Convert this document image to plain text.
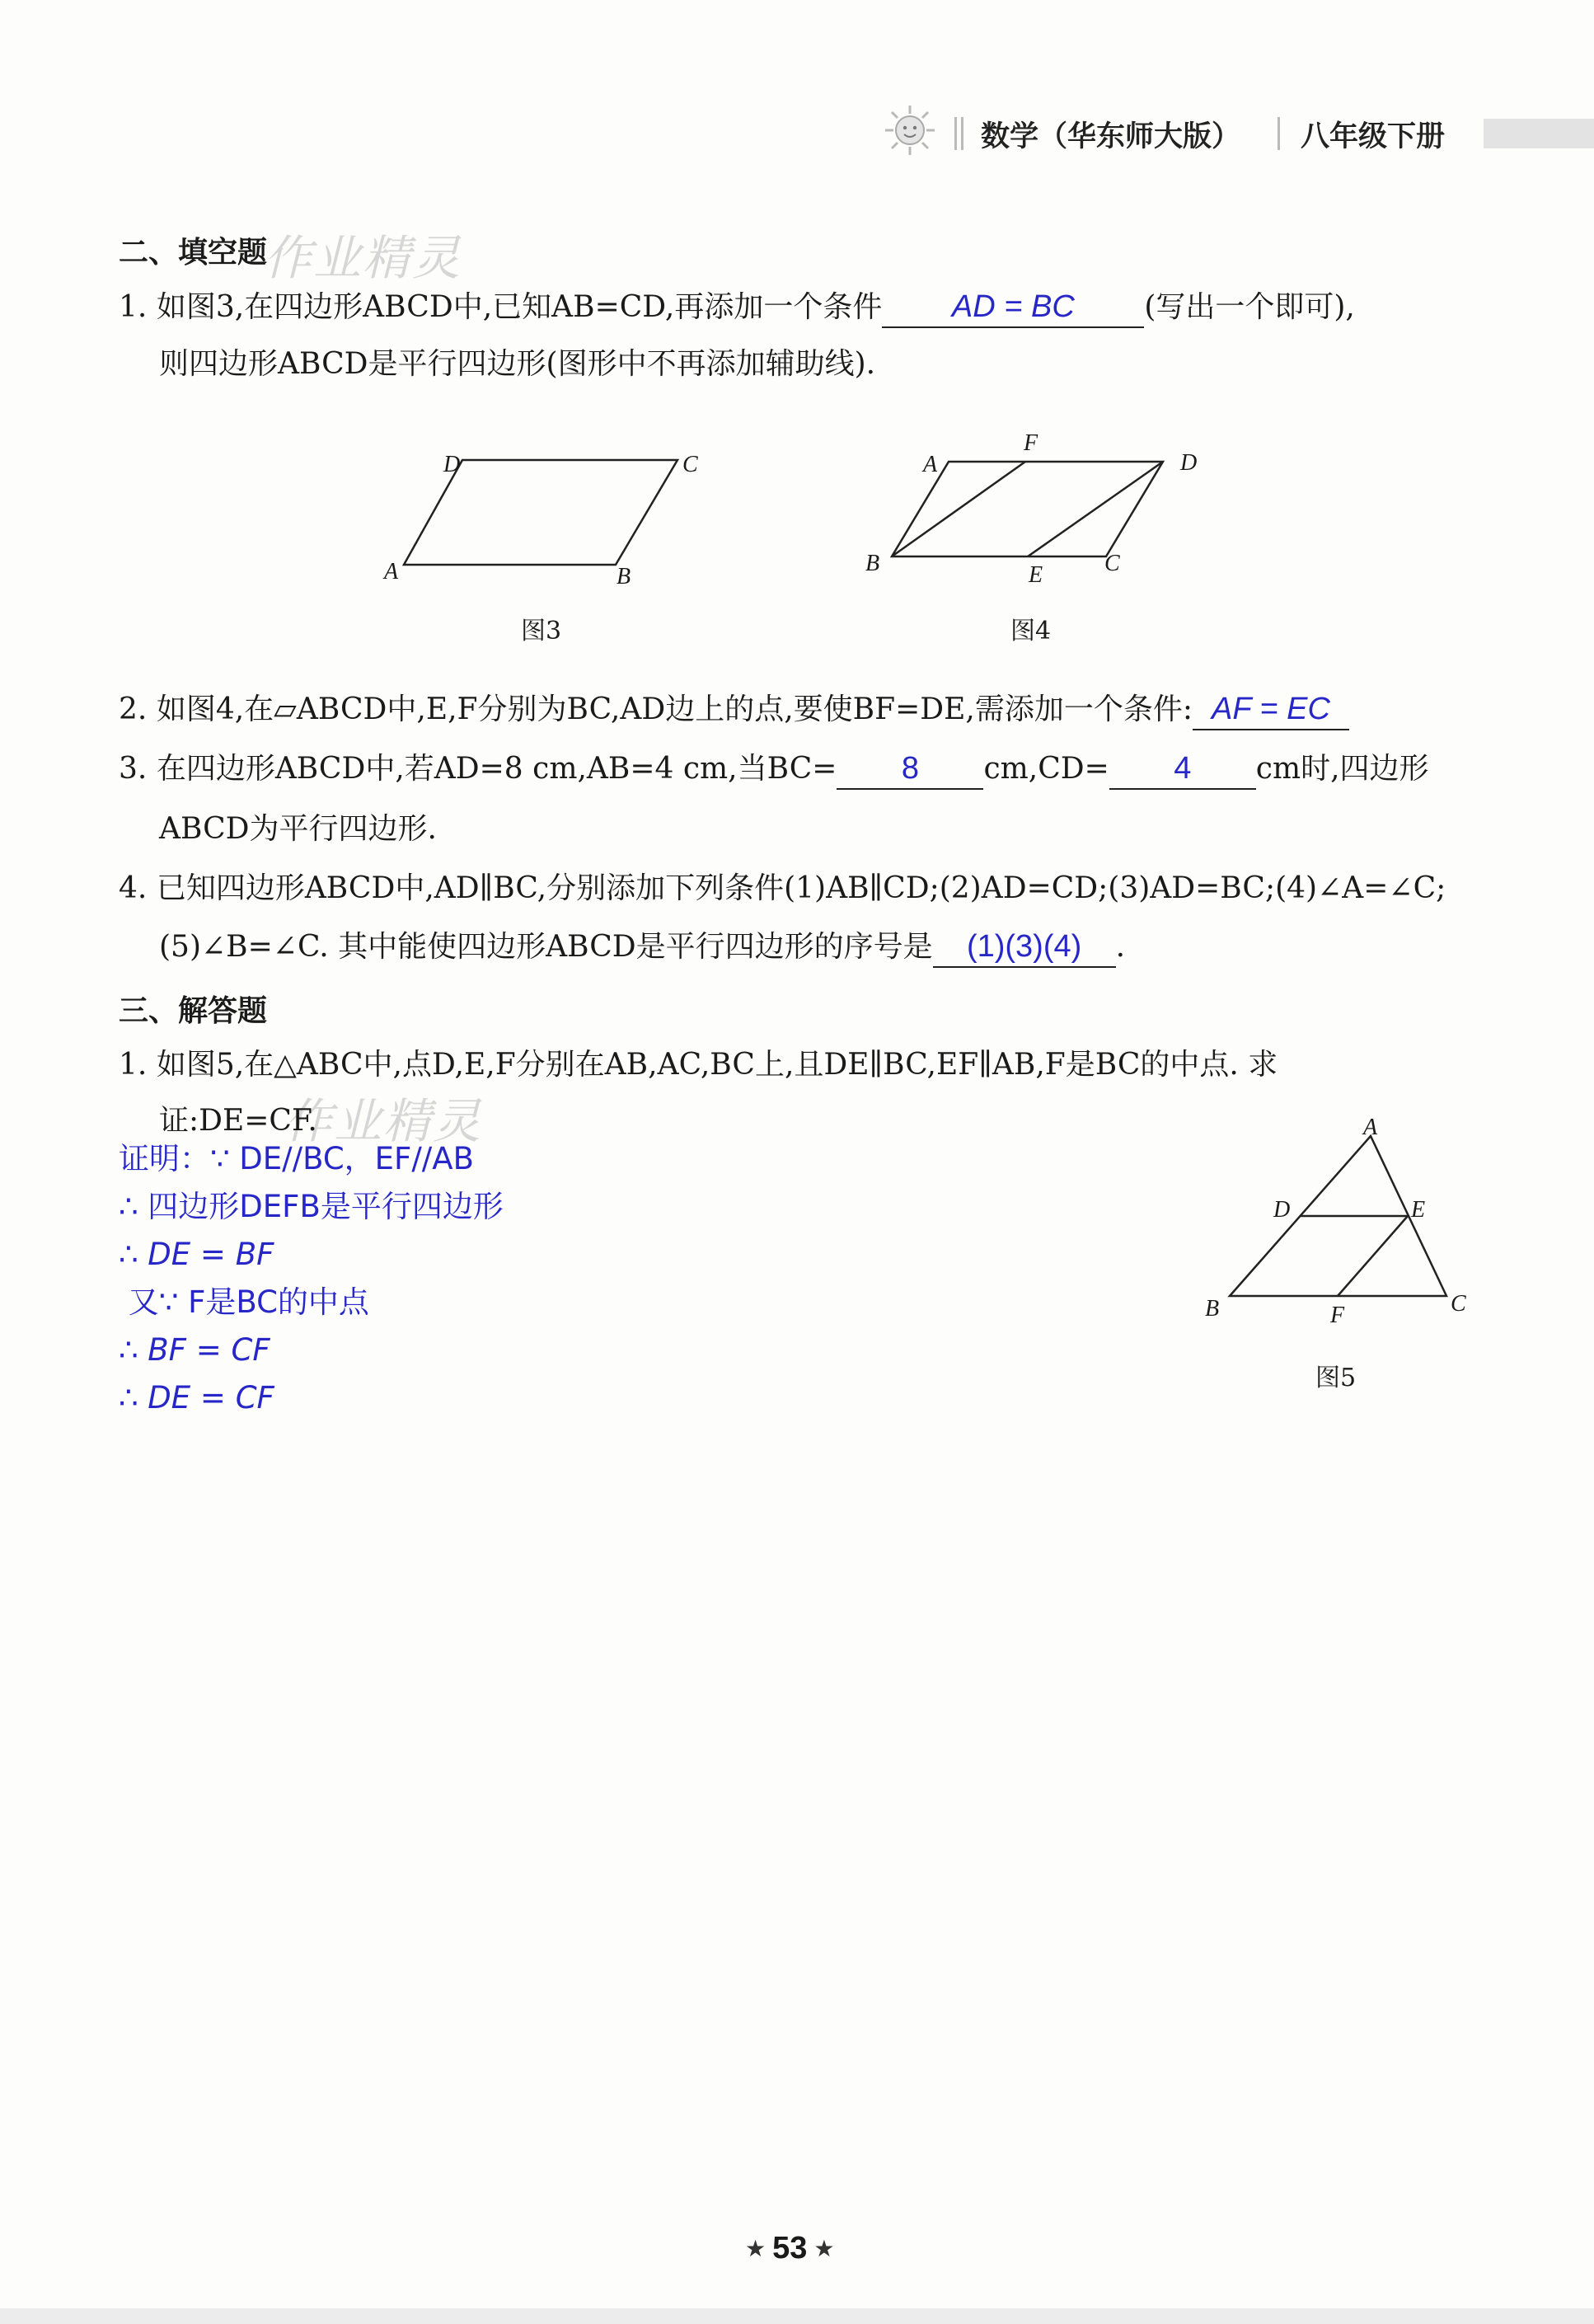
数学（华东师大版） 八年级下册
作业精灵
作业精灵
二、填空题
1. 如图3,在四边形ABCD中,已知AB=CD,再添加一个条件 AD = BC (写出一个即可),
则四边形ABCD是平行四边形(图形中不再添加辅助线).
D	C
A	B
图3
F
A	D
B	E	C
图4
2. 如图4,在▱ABCD中,E,F分别为BC,AD边上的点,要使BF=DE,需添加一个条件: AF = EC
3. 在四边形ABCD中,若AD=8 cm,AB=4 cm,当BC= 8 cm,CD= 4 cm时,四边形
ABCD为平行四边形.
4. 已知四边形ABCD中,AD∥BC,分别添加下列条件(1)AB∥CD;(2)AD=CD;(3)AD=BC;(4)∠A=∠C;
(5)∠B=∠C. 其中能使四边形ABCD是平行四边形的序号是 (1)(3)(4) .
三、解答题
1. 如图5,在△ABC中,点D,E,F分别在AB,AC,BC上,且DE∥BC,EF∥AB,F是BC的中点. 求
证:DE=CF.
证明：∵ DE//BC，EF//AB
∴ 四边形DEFB是平行四边形
∴ DE = BF
又∵ F是BC的中点
∴ BF = CF
∴ DE = CF
A
D	E
B	F	C
图5
★ 53 ★
